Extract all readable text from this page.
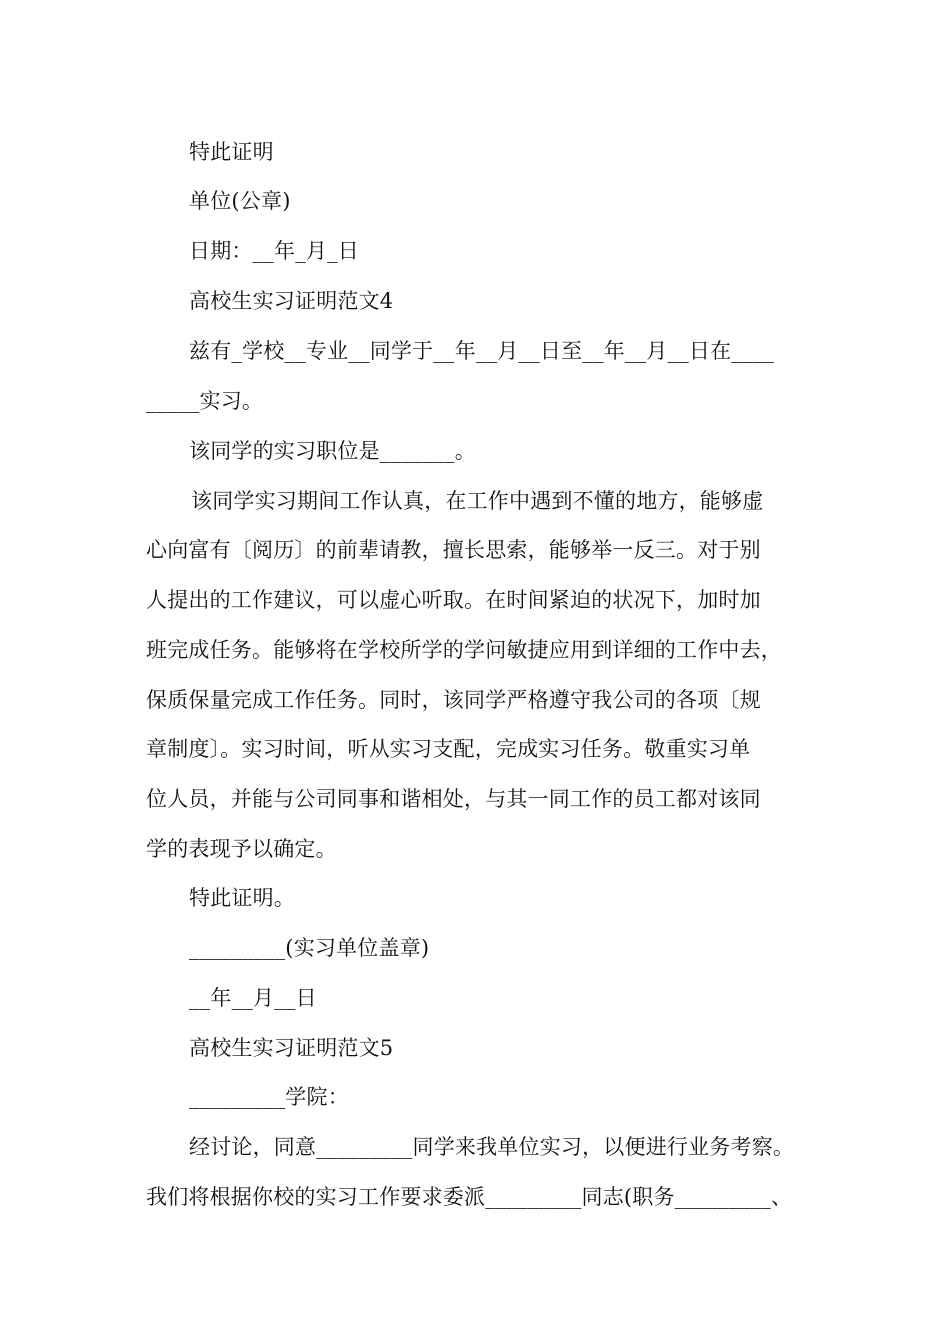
特此证明
单位(公章)
日期：__年_月_日
高校生实习证明范文4
兹有_学校__专业__同学于__年__月__日至__年__月__日在____
_____实习。
该同学的实习职位是_______。
该同学实习期间工作认真，在工作中遇到不懂的地方，能够虚
心向富有〔阅历〕的前辈请教，擅长思索，能够举一反三。对于别
人提出的工作建议，可以虚心听取。在时间紧迫的状况下，加时加
班完成任务。能够将在学校所学的学问敏捷应用到详细的工作中去，
保质保量完成工作任务。同时，该同学严格遵守我公司的各项〔规
章制度〕。实习时间，听从实习支配，完成实习任务。敬重实习单
位人员，并能与公司同事和谐相处，与其一同工作的员工都对该同
学的表现予以确定。
特此证明。
_________(实习单位盖章)
__年__月__日
高校生实习证明范文5
_________学院：
经讨论，同意_________同学来我单位实习，以便进行业务考察。
我们将根据你校的实习工作要求委派_________同志(职务_________、
